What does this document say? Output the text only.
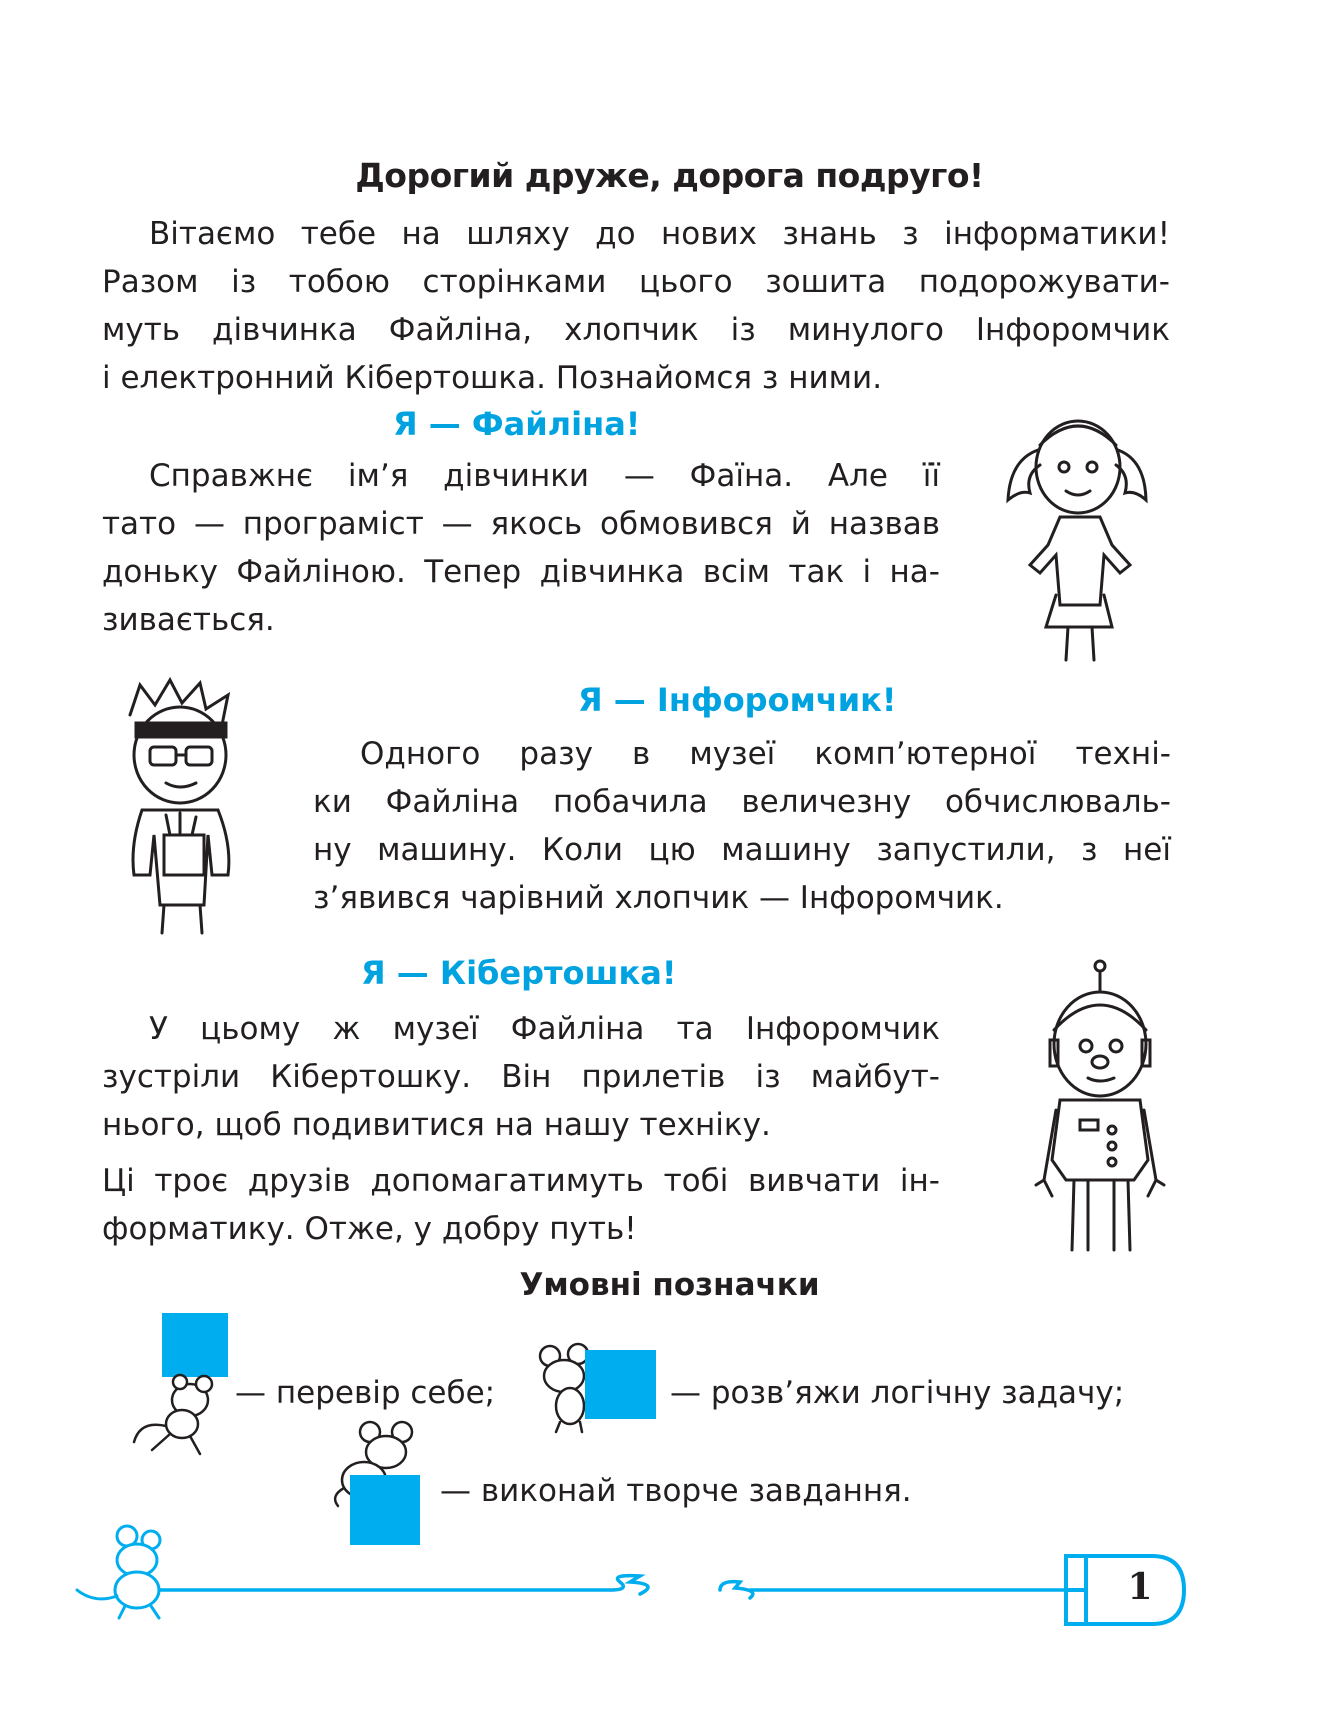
Дорогий друже, дорога подруго!
Вітаємо тебе на шляху до нових знань з інформатики!
Разом із тобою сторінками цього зошита подорожувати-
муть дівчинка Файліна, хлопчик із минулого Інфоромчик
і електронний Кібертошка. Познайомся з ними.
Я — Файліна!
Справжнє ім’я дівчинки — Фаїна. Але її
тато — програміст — якось обмовився й назвав
доньку Файліною. Тепер дівчинка всім так і на-
зивається.
Я — Інфоромчик!
Одного разу в музеї комп’ютерної техні-
ки Файліна побачила величезну обчислюваль-
ну машину. Коли цю машину запустили, з неї
з’явився чарівний хлопчик — Інфоромчик.
Я — Кібертошка!
У цьому ж музеї Файліна та Інфоромчик
зустріли Кібертошку. Він прилетів із майбут-
нього, щоб подивитися на нашу техніку.
Ці троє друзів допомагатимуть тобі вивчати ін-
форматику. Отже, у добру путь!
Умовні позначки
— перевір себе;	— розв’яжи логічну задачу;
— виконай творче завдання.
1
